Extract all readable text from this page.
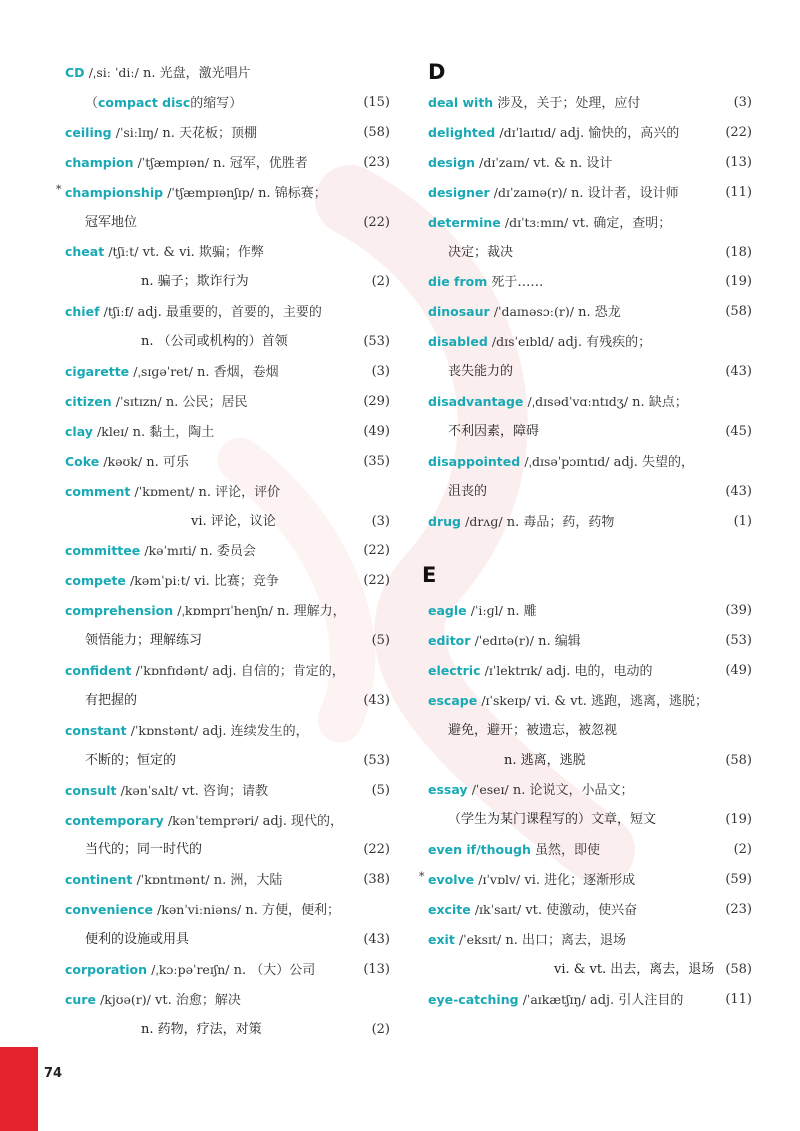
CD /ˌsiː ˈdiː/ n. 光盘，激光唱片
（compact disc的缩写）	(15)
ceiling /ˈsiːlɪŋ/ n. 天花板；顶棚	(58)
champion /ˈtʃæmpɪən/ n. 冠军，优胜者	(23)
* championship /ˈtʃæmpɪənʃɪp/ n. 锦标赛；
冠军地位	(22)
cheat /tʃiːt/ vt. & vi. 欺骗；作弊
n. 骗子；欺诈行为	(2)
chief /tʃiːf/ adj. 最重要的，首要的，主要的
n. （公司或机构的）首领	(53)
cigarette /ˌsɪɡəˈret/ n. 香烟，卷烟	(3)
citizen /ˈsɪtɪzn/ n. 公民；居民	(29)
clay /kleɪ/ n. 黏土，陶土	(49)
Coke /kəʊk/ n. 可乐	(35)
comment /ˈkɒment/ n. 评论，评价
vi. 评论，议论	(3)
committee /kəˈmɪti/ n. 委员会	(22)
compete /kəmˈpiːt/ vi. 比赛；竞争	(22)
comprehension /ˌkɒmprɪˈhenʃn/ n. 理解力，
领悟能力；理解练习	(5)
confident /ˈkɒnfɪdənt/ adj. 自信的；肯定的，
有把握的	(43)
constant /ˈkɒnstənt/ adj. 连续发生的，
不断的；恒定的	(53)
consult /kənˈsʌlt/ vt. 咨询；请教	(5)
contemporary /kənˈtemprəri/ adj. 现代的，
当代的；同一时代的	(22)
continent /ˈkɒntɪnənt/ n. 洲，大陆	(38)
convenience /kənˈviːniəns/ n. 方便，便利；
便利的设施或用具	(43)
corporation /ˌkɔːpəˈreɪʃn/ n. （大）公司	(13)
cure /kjʊə(r)/ vt. 治愈；解决
n. 药物，疗法，对策	(2)
D
deal with 涉及，关于；处理，应付	(3)
delighted /dɪˈlaɪtɪd/ adj. 愉快的，高兴的	(22)
design /dɪˈzaɪn/ vt. & n. 设计	(13)
designer /dɪˈzaɪnə(r)/ n. 设计者，设计师	(11)
determine /dɪˈtɜːmɪn/ vt. 确定，查明；
决定；裁决	(18)
die from 死于……	(19)
dinosaur /ˈdaɪnəsɔː(r)/ n. 恐龙	(58)
disabled /dɪsˈeɪbld/ adj. 有残疾的；
丧失能力的	(43)
disadvantage /ˌdɪsədˈvɑːntɪdʒ/ n. 缺点；
不利因素，障碍	(45)
disappointed /ˌdɪsəˈpɔɪntɪd/ adj. 失望的，
沮丧的	(43)
drug /drʌɡ/ n. 毒品；药，药物	(1)
E
eagle /ˈiːɡl/ n. 雕	(39)
editor /ˈedɪtə(r)/ n. 编辑	(53)
electric /ɪˈlektrɪk/ adj. 电的，电动的	(49)
escape /ɪˈskeɪp/ vi. & vt. 逃跑，逃离，逃脱；
避免，避开；被遗忘，被忽视
n. 逃离，逃脱	(58)
essay /ˈeseɪ/ n. 论说文，小品文；
（学生为某门课程写的）文章，短文	(19)
even if/though 虽然，即使	(2)
* evolve /ɪˈvɒlv/ vi. 进化；逐渐形成	(59)
excite /ɪkˈsaɪt/ vt. 使激动，使兴奋	(23)
exit /ˈeksɪt/ n. 出口；离去，退场
vi. & vt. 出去，离去，退场 (58)
eye-catching /ˈaɪkætʃɪŋ/ adj. 引人注目的	(11)
74
